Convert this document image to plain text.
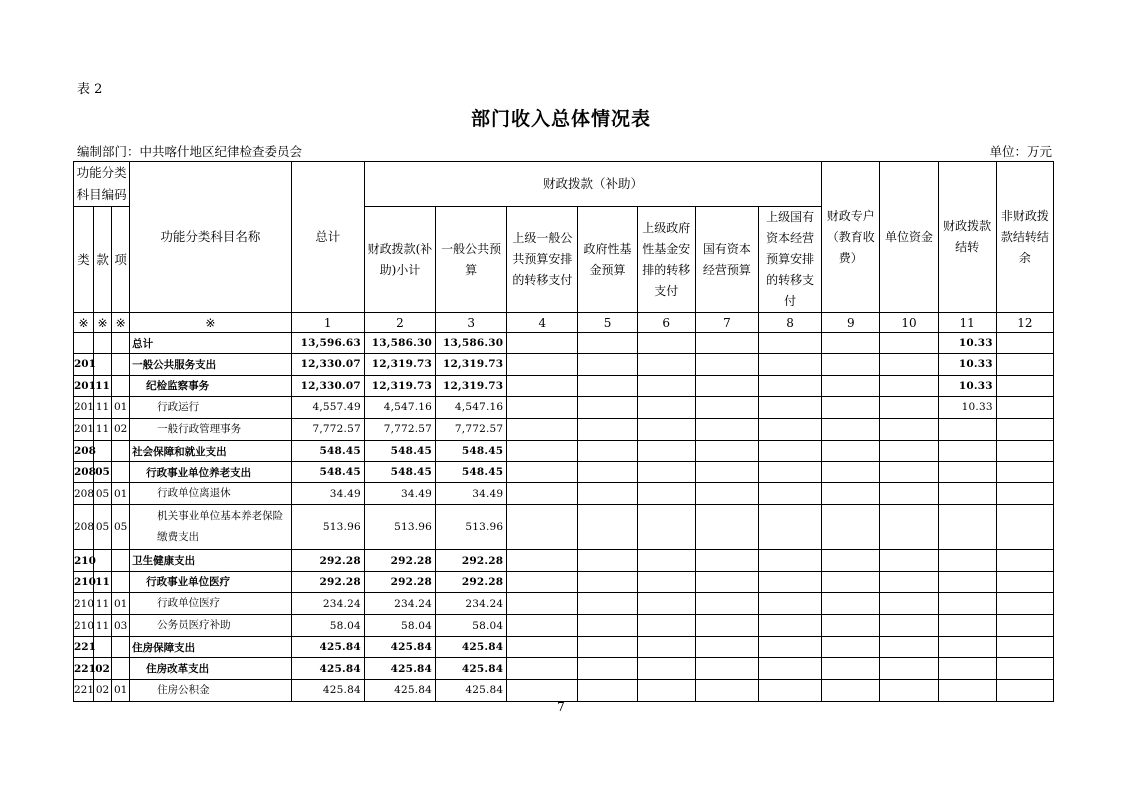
表 2
部门收入总体情况表
编制部门：中共喀什地区纪律检查委员会	单位：万元
功能分类科目编码			功能分类科目名称	总计	财政拨款（补助）							财政专户（教育收费）	单位资金	财政拨款结转	非财政拨款结转结余
类	款	项			财政拨款(补助)小计	一般公共预算	上级一般公共预算安排的转移支付	政府性基金预算	上级政府性基金安排的转移支付	国有资本经营预算	上级国有资本经营预算安排的转移支付				
※	※	※	※	1	2	3	4	5	6	7	8	9	10	11	12
			总计	13,596.63	13,586.30	13,586.30								10.33	
201			一般公共服务支出	12,330.07	12,319.73	12,319.73								10.33	
201	11		纪检监察事务	12,330.07	12,319.73	12,319.73								10.33	
201	11	01	行政运行	4,557.49	4,547.16	4,547.16								10.33	
201	11	02	一般行政管理事务	7,772.57	7,772.57	7,772.57									
208			社会保障和就业支出	548.45	548.45	548.45									
208	05		行政事业单位养老支出	548.45	548.45	548.45									
208	05	01	行政单位离退休	34.49	34.49	34.49									
208	05	05	机关事业单位基本养老保险缴费支出	513.96	513.96	513.96									
210			卫生健康支出	292.28	292.28	292.28									
210	11		行政事业单位医疗	292.28	292.28	292.28									
210	11	01	行政单位医疗	234.24	234.24	234.24									
210	11	03	公务员医疗补助	58.04	58.04	58.04									
221			住房保障支出	425.84	425.84	425.84									
221	02		住房改革支出	425.84	425.84	425.84									
221	02	01	住房公积金	425.84	425.84	425.84									
7
